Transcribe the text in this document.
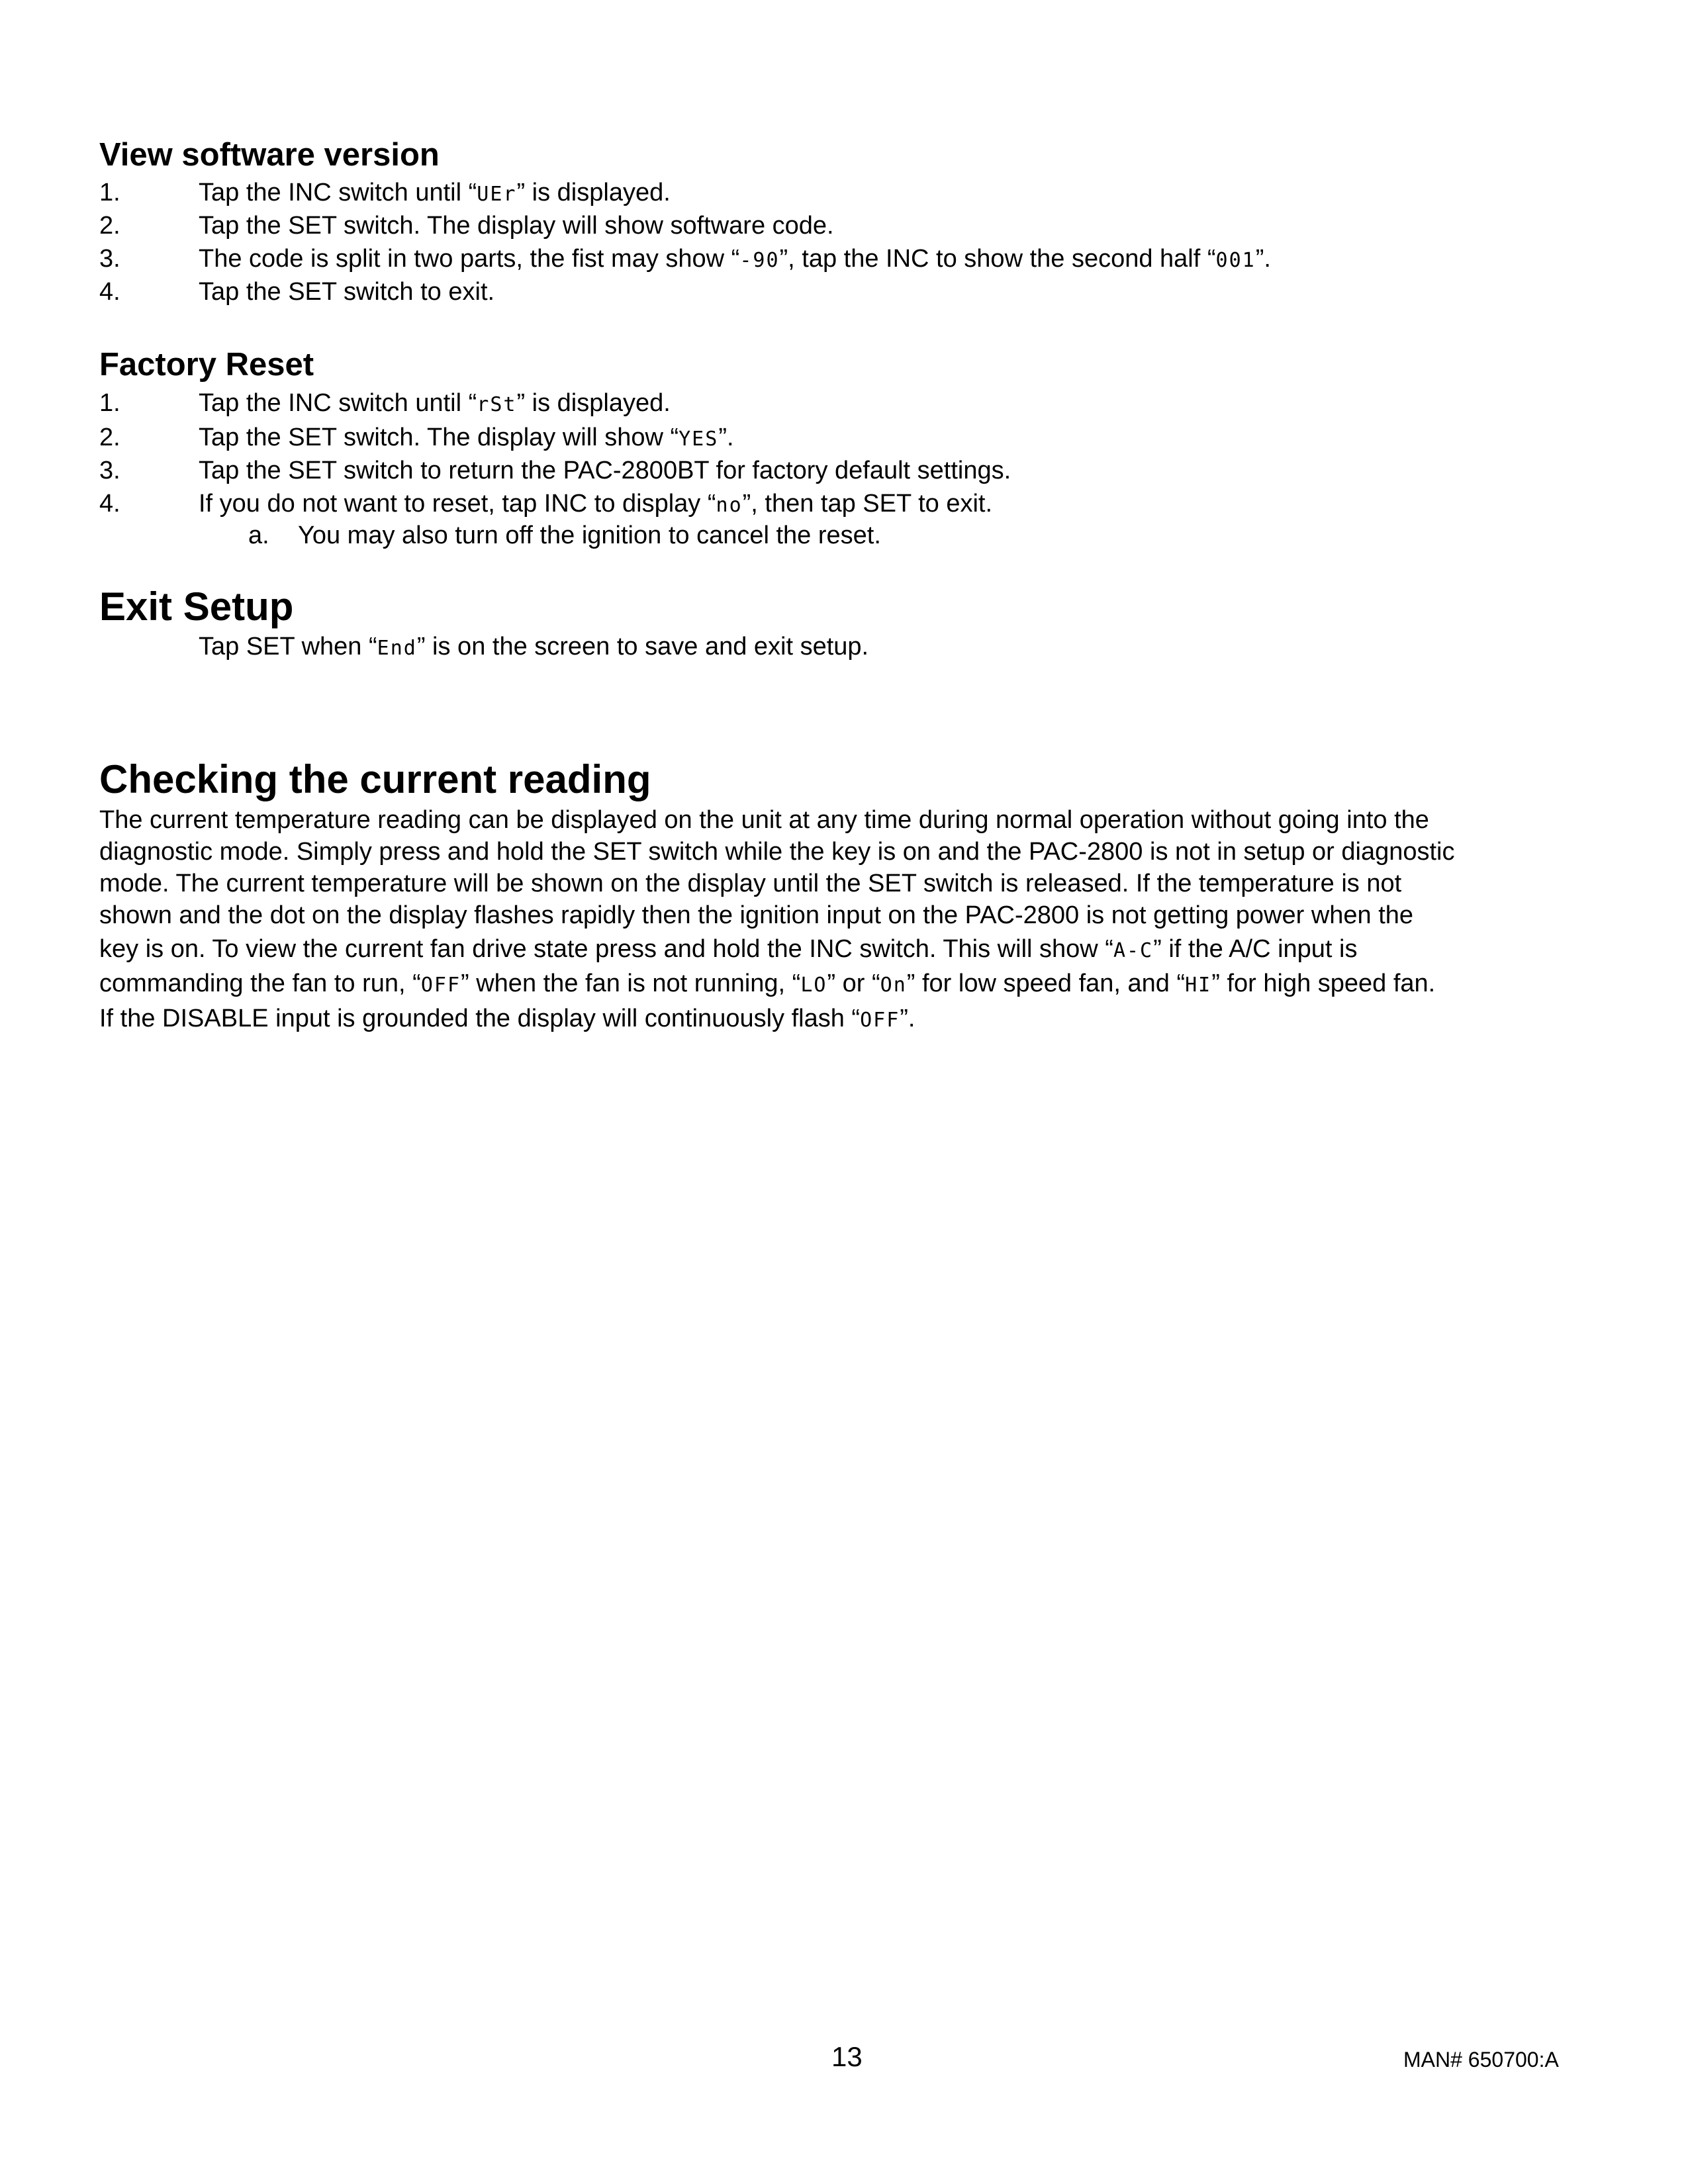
View software version
1.	Tap the INC switch until “UEr” is displayed.
2.	Tap the SET switch. The display will show software code.
3.	The code is split in two parts, the fist may show “-90”, tap the INC to show the second half “001”.
4.	Tap the SET switch to exit.
Factory Reset
1.	Tap the INC switch until “rSt” is displayed.
2.	Tap the SET switch. The display will show “YES”.
3.	Tap the SET switch to return the PAC-2800BT for factory default settings.
4.	If you do not want to reset, tap INC to display “no”, then tap SET to exit.
a. You may also turn off the ignition to cancel the reset.
Exit Setup
Tap SET when “End” is on the screen to save and exit setup.
Checking the current reading
The current temperature reading can be displayed on the unit at any time during normal operation without going into the
diagnostic mode. Simply press and hold the SET switch while the key is on and the PAC-2800 is not in setup or diagnostic
mode. The current temperature will be shown on the display until the SET switch is released. If the temperature is not
shown and the dot on the display flashes rapidly then the ignition input on the PAC-2800 is not getting power when the
key is on. To view the current fan drive state press and hold the INC switch. This will show “A-C” if the A/C input is
commanding the fan to run, “OFF” when the fan is not running, “LO” or “On” for low speed fan, and “HI” for high speed fan.
If the DISABLE input is grounded the display will continuously flash “OFF”.
13	MAN# 650700:A
